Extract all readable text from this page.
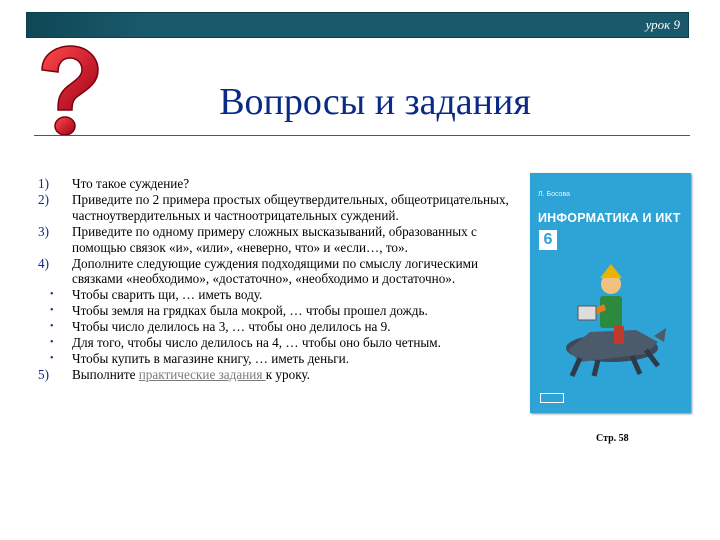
урок 9
Вопросы и задания
1)	Что такое суждение?
2)	Приведите по 2 примера простых общеутвердительных, общеотрицательных, частноутвердительных и частноотрицательных суждений.
3)	Приведите по одному примеру сложных высказываний, образованных с помощью связок «и», «или», «неверно, что» и «если…, то».
4)	Дополните следующие суждения подходящими по смыслу логическими связками «необходимо», «достаточно», «необходимо и достаточно».
•	Чтобы сварить щи, … иметь воду.
•	Чтобы земля на грядках была мокрой, … чтобы прошел дождь.
•	Чтобы число делилось на 3, … чтобы оно делилось на 9.
•	Для того, чтобы число делилось на 4, … чтобы оно было четным.
•	Чтобы купить в магазине книгу, … иметь деньги.
5)	Выполните практические задания к уроку.
Л. Босова
ИНФОРМАТИКА И ИКТ
6
Стр. 58
